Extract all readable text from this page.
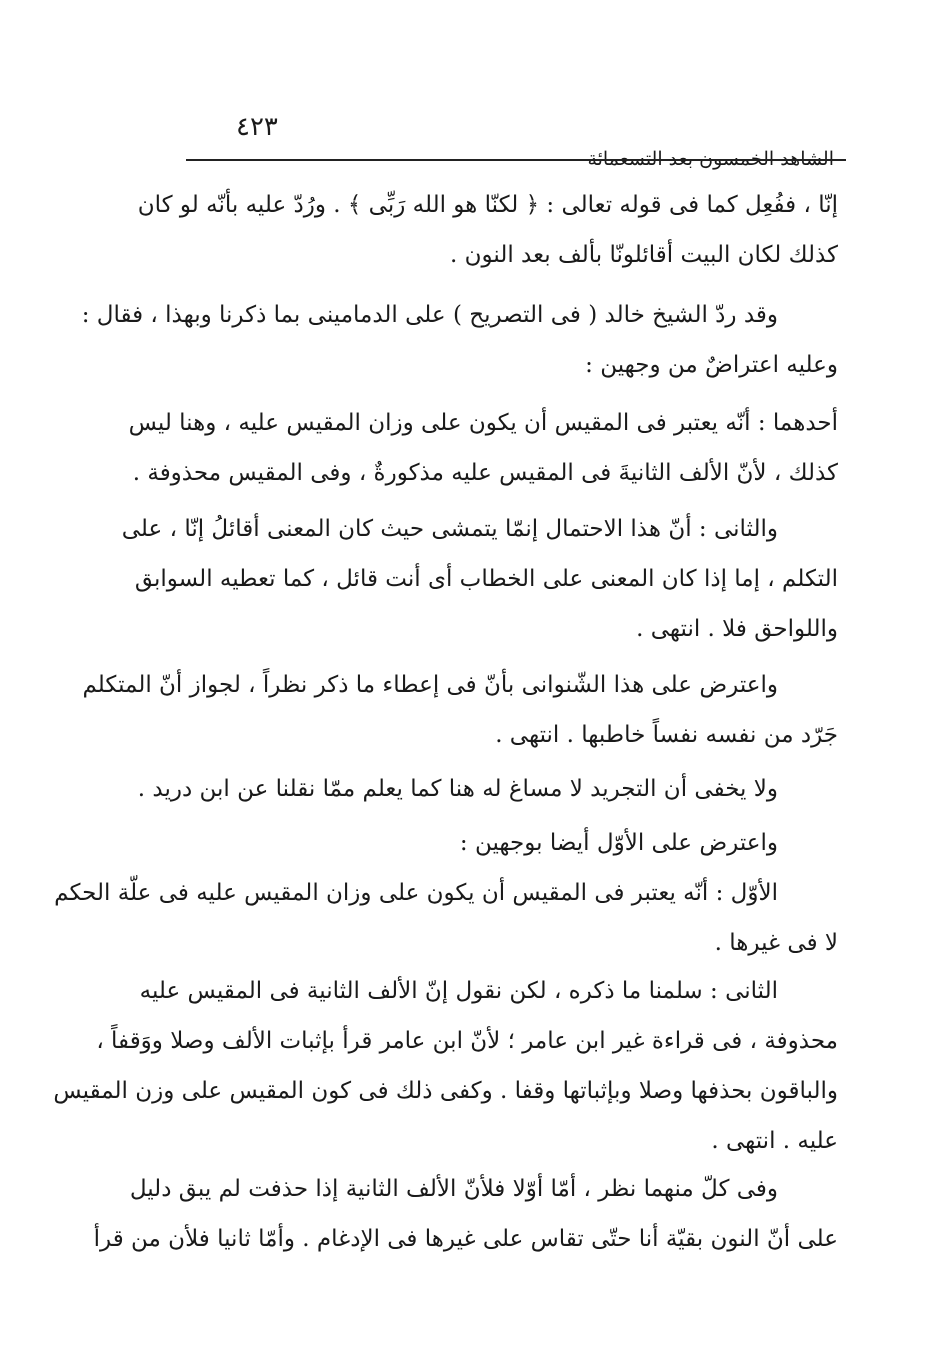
الشاهد الخمسون بعد التسعمائة
٤٢٣
إنّا ، ففُعِل كما فى قوله تعالى : ﴿ لكنّا هو الله رَبِّى ﴾ . ورُدّ عليه بأنّه لو كان
كذلك لكان البيت أقائلونّا بألف بعد النون .
وقد ردّ الشيخ خالد ( فى التصريح ) على الدمامينى بما ذكرنا وبهذا ، فقال :
وعليه اعتراضٌ من وجهين :
أحدهما : أنّه يعتبر فى المقيس أن يكون على وزان المقيس عليه ، وهنا ليس
كذلك ، لأنّ الألف الثانيةَ فى المقيس عليه مذكورةٌ ، وفى المقيس محذوفة .
والثانى : أنّ هذا الاحتمال إنمّا يتمشى حيث كان المعنى أقائلُ إنّا ، على
التكلم ، إما إذا كان المعنى على الخطاب أى أنت قائل ، كما تعطيه السوابق
واللواحق فلا . انتهى .
واعترض على هذا الشّنوانى بأنّ فى إعطاء ما ذكر نظراً ، لجواز أنّ المتكلم
جَرّد من نفسه نفساً خاطبها . انتهى .
ولا يخفى أن التجريد لا مساغ له هنا كما يعلم ممّا نقلنا عن ابن دريد .
واعترض على الأوّل أيضا بوجهين :
الأوّل : أنّه يعتبر فى المقيس أن يكون على وزان المقيس عليه فى علّة الحكم
لا فى غيرها .
الثانى : سلمنا ما ذكره ، لكن نقول إنّ الألف الثانية فى المقيس عليه
محذوفة ، فى قراءة غير ابن عامر ؛ لأنّ ابن عامر قرأ بإثبات الألف وصلا ووَقفاً ،
والباقون بحذفها وصلا وبإثباتها وقفا . وكفى ذلك فى كون المقيس على وزن المقيس
عليه . انتهى .
وفى كلّ منهما نظر ، أمّا أوّلا فلأنّ الألف الثانية إذا حذفت لم يبق دليل
على أنّ النون بقيّة أنا حتّى تقاس على غيرها فى الإدغام . وأمّا ثانيا فلأن من قرأ
